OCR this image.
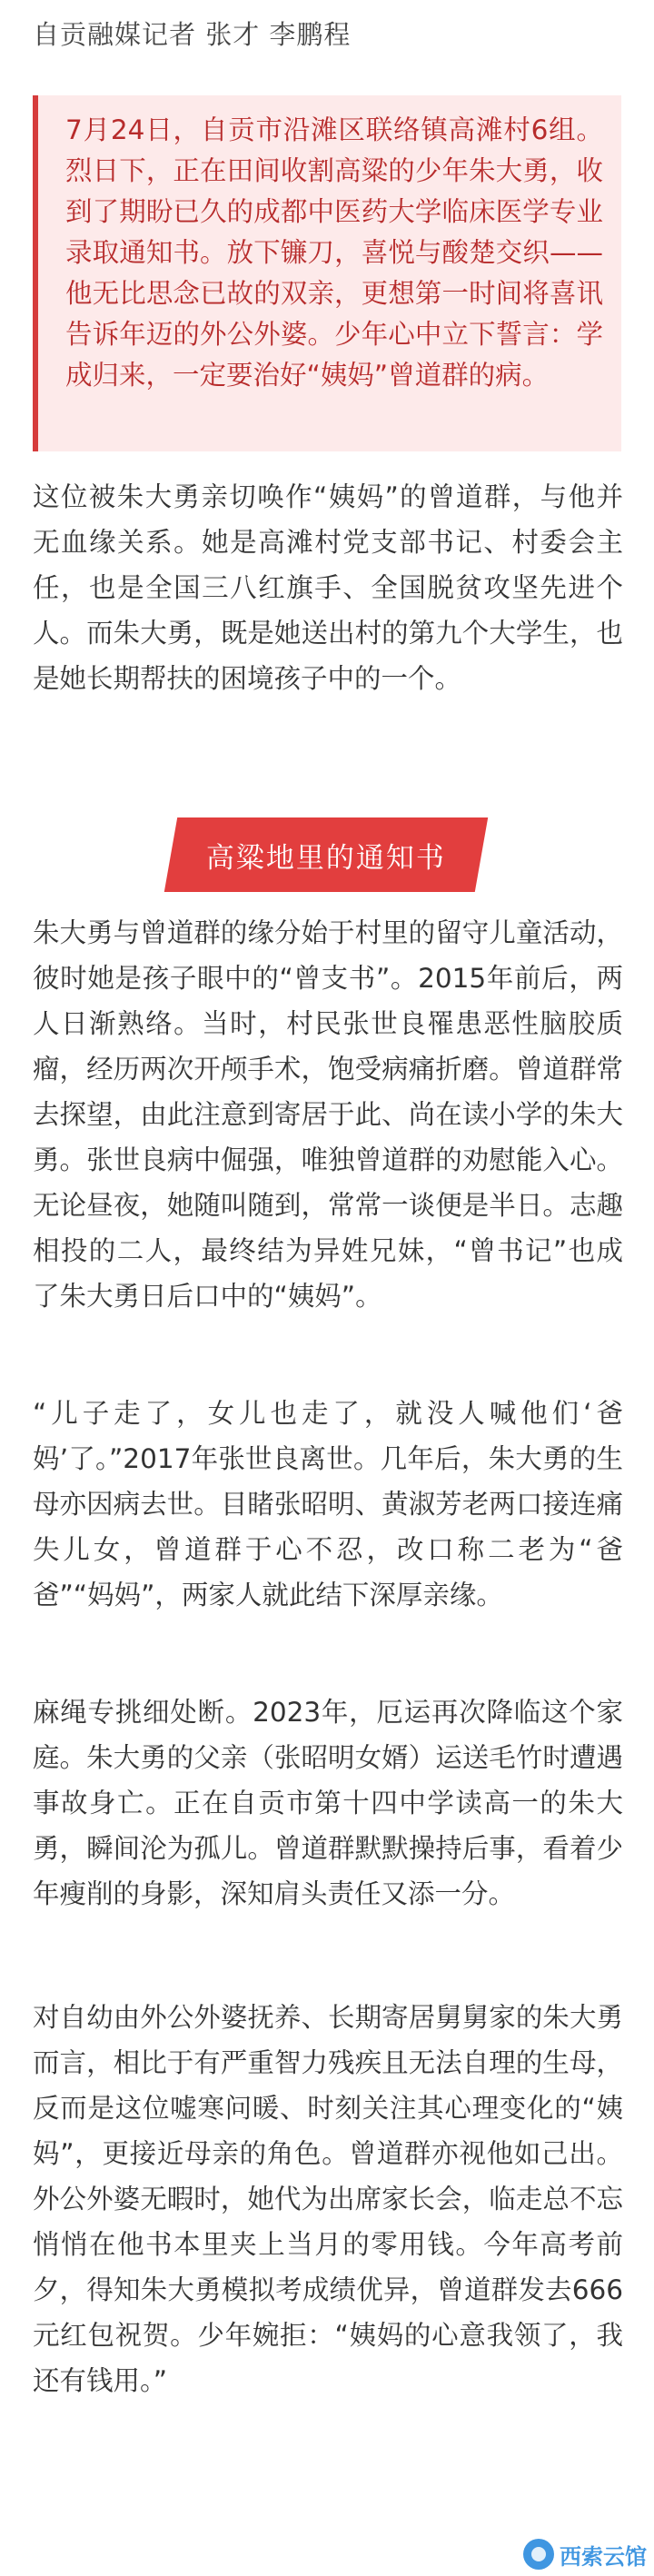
自贡融媒记者 张才 李鹏程

7月24日，自贡市沿滩区联络镇高滩村6组。烈日下，正在田间收割高粱的少年朱大勇，收到了期盼已久的成都中医药大学临床医学专业录取通知书。放下镰刀，喜悦与酸楚交织——他无比思念已故的双亲，更想第一时间将喜讯告诉年迈的外公外婆。少年心中立下誓言：学成归来，一定要治好“姨妈”曾道群的病。

这位被朱大勇亲切唤作“姨妈”的曾道群，与他并无血缘关系。她是高滩村党支部书记、村委会主任，也是全国三八红旗手、全国脱贫攻坚先进个人。而朱大勇，既是她送出村的第九个大学生，也是她长期帮扶的困境孩子中的一个。

高粱地里的通知书

朱大勇与曾道群的缘分始于村里的留守儿童活动，彼时她是孩子眼中的“曾支书”。2015年前后，两人日渐熟络。当时，村民张世良罹患恶性脑胶质瘤，经历两次开颅手术，饱受病痛折磨。曾道群常去探望，由此注意到寄居于此、尚在读小学的朱大勇。张世良病中倔强，唯独曾道群的劝慰能入心。无论昼夜，她随叫随到，常常一谈便是半日。志趣相投的二人，最终结为异姓兄妹，“曾书记”也成了朱大勇日后口中的“姨妈”。

“儿子走了，女儿也走了，就没人喊他们‘爸妈’了。”2017年张世良离世。几年后，朱大勇的生母亦因病去世。目睹张昭明、黄淑芳老两口接连痛失儿女，曾道群于心不忍，改口称二老为“爸爸”“妈妈”，两家人就此结下深厚亲缘。

麻绳专挑细处断。2023年，厄运再次降临这个家庭。朱大勇的父亲（张昭明女婿）运送毛竹时遭遇事故身亡。正在自贡市第十四中学读高一的朱大勇，瞬间沦为孤儿。曾道群默默操持后事，看着少年瘦削的身影，深知肩头责任又添一分。

对自幼由外公外婆抚养、长期寄居舅舅家的朱大勇而言，相比于有严重智力残疾且无法自理的生母，反而是这位嘘寒问暖、时刻关注其心理变化的“姨妈”，更接近母亲的角色。曾道群亦视他如己出。外公外婆无暇时，她代为出席家长会，临走总不忘悄悄在他书本里夹上当月的零用钱。今年高考前夕，得知朱大勇模拟考成绩优异，曾道群发去666元红包祝贺。少年婉拒：“姨妈的心意我领了，我还有钱用。”

西索云馆
